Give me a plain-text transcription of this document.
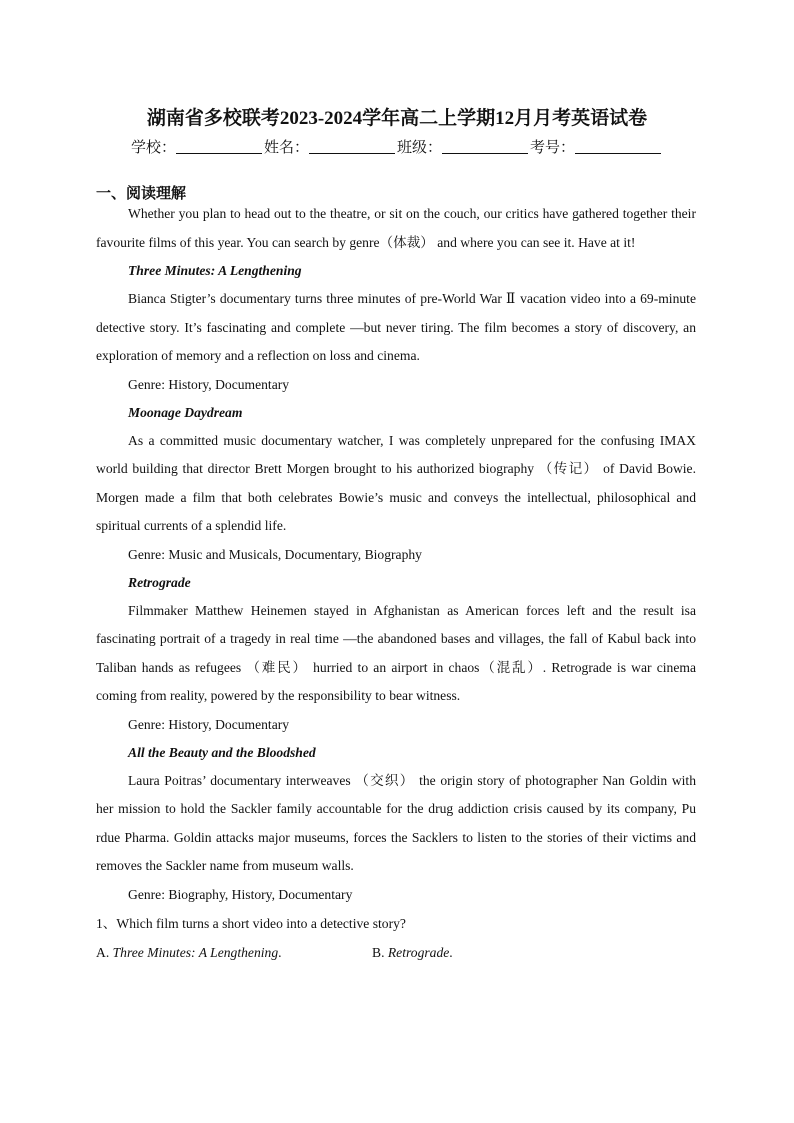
湖南省多校联考2023-2024学年高二上学期12月月考英语试卷
学校：	姓名：	班级：	考号：
一、阅读理解

Whether you plan to head out to the theatre, or sit on the couch, our critics have gathered together their favourite films of this year. You can search by genre（体裁） and where you can see it. Have at it!

Three Minutes: A Lengthening

Bianca Stigter’s documentary turns three minutes of pre-World War Ⅱ vacation video into a 69-minute detective story. It’s fascinating and complete —but never tiring. The film becomes a story of discovery, an exploration of memory and a reflection on loss and cinema.

Genre: History, Documentary

Moonage Daydream

As a committed music documentary watcher, I was completely unprepared for the confusing IMAX world building that director Brett Morgen brought to his authorized biography （传记） of David Bowie. Morgen made a film that both celebrates Bowie’s music and conveys the intellectual, philosophical and spiritual currents of a splendid life.

Genre: Music and Musicals, Documentary, Biography

Retrograde

Filmmaker Matthew Heinemen stayed in Afghanistan as American forces left and the result isa fascinating portrait of a tragedy in real time —the abandoned bases and villages, the fall of Kabul back into Taliban hands as refugees （难民） hurried to an airport in chaos（混乱）. Retrograde is war cinema coming from reality, powered by the responsibility to bear witness.

Genre: History, Documentary

All the Beauty and the Bloodshed

Laura Poitras’ documentary interweaves （交织） the origin story of photographer Nan Goldin with her mission to hold the Sackler family accountable for the drug addiction crisis caused by its company, Pu rdue Pharma. Goldin attacks major museums, forces the Sacklers to listen to the stories of their victims and removes the Sackler name from museum walls.

Genre: Biography, History, Documentary

1、Which film turns a short video into a detective story?

A. Three Minutes: A Lengthening.	B. Retrograde.
